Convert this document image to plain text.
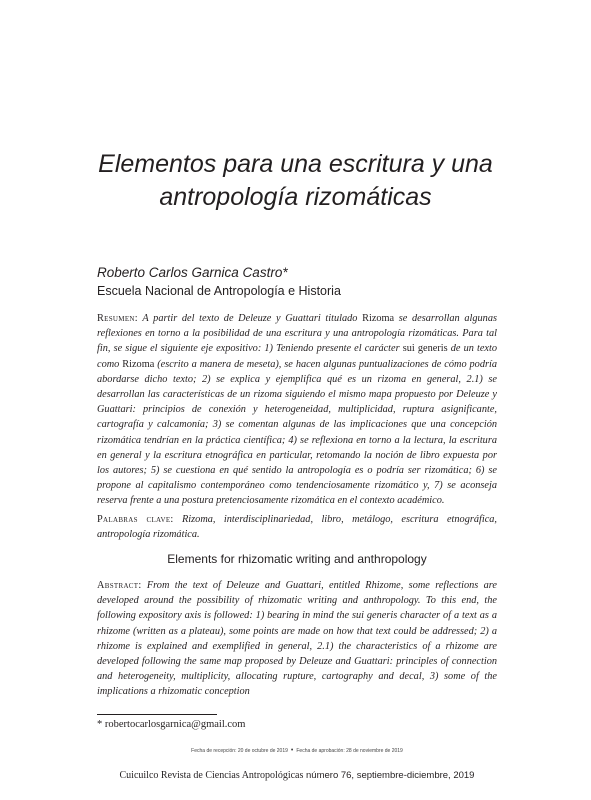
Elementos para una escritura y una
antropología rizomáticas
Roberto Carlos Garnica Castro*
Escuela Nacional de Antropología e Historia

Resumen: A partir del texto de Deleuze y Guattari titulado Rizoma se desarrollan algunas reflexiones en torno a la posibilidad de una escritura y una antropología rizomáticas. Para tal fin, se sigue el siguiente eje expositivo: 1) Teniendo presente el carácter sui generis de un texto como Rizoma (escrito a manera de meseta), se hacen algunas puntualizaciones de cómo podría abordarse dicho texto; 2) se explica y ejemplifica qué es un rizoma en general, 2.1) se desarrollan las características de un rizoma siguiendo el mismo mapa propuesto por Deleuze y Guattari: principios de conexión y heterogeneidad, multiplicidad, ruptura asignificante, cartografía y calcamonía; 3) se comentan algunas de las implicaciones que una concepción rizomática tendrían en la práctica científica; 4) se reflexiona en torno a la lectura, la escritura en general y la escritura etnográfica en particular, retomando la noción de libro expuesta por los autores; 5) se cuestiona en qué sentido la antropología es o podría ser rizomática; 6) se propone al capitalismo contemporáneo como tendenciosamente rizomático y, 7) se aconseja reserva frente a una postura pretenciosamente rizomática en el contexto académico.

Palabras clave: Rizoma, interdisciplinariedad, libro, metálogo, escritura etnográfica, antropología rizomática.

Elements for rhizomatic writing and anthropology

Abstract: From the text of Deleuze and Guattari, entitled Rhizome, some reflections are developed around the possibility of rhizomatic writing and anthropology. To this end, the following expository axis is followed: 1) bearing in mind the sui generis character of a text as a rhizome (written as a plateau), some points are made on how that text could be addressed; 2) a rhizome is explained and exemplified in general, 2.1) the characteristics of a rhizome are developed following the same map proposed by Deleuze and Guattari: principles of connection and heterogeneity, multiplicity, allocating rupture, cartography and decal, 3) some of the implications a rhizomatic conception

* robertocarlosgarnica@gmail.com
Fecha de recepción: 20 de octubre de 2019 • Fecha de aprobación: 28 de noviembre de 2019
Cuicuilco Revista de Ciencias Antropológicas número 76, septiembre-diciembre, 2019
